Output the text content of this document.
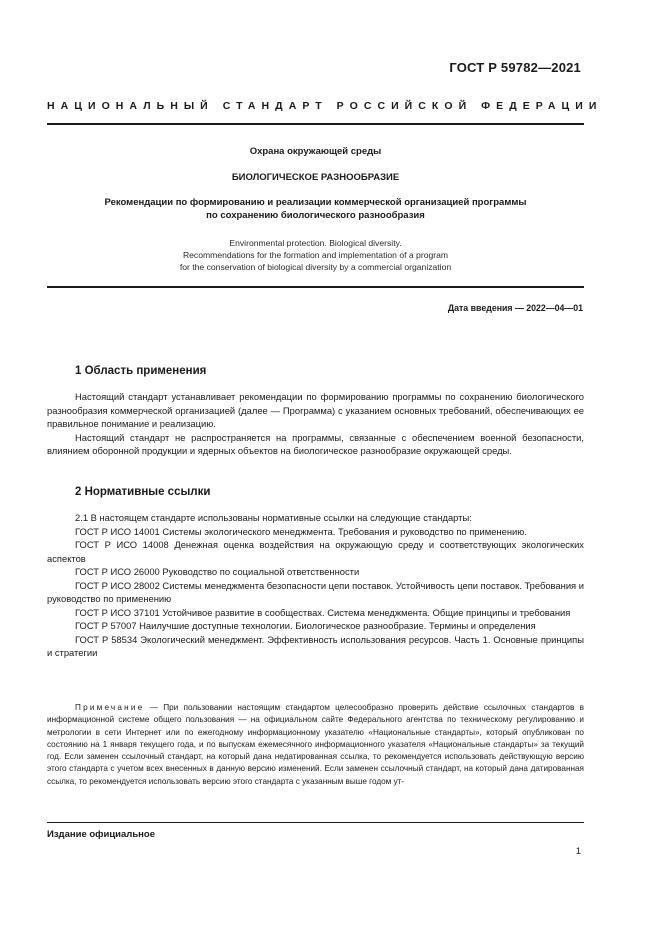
ГОСТ Р 59782—2021
НАЦИОНАЛЬНЫЙ СТАНДАРТ РОССИЙСКОЙ ФЕДЕРАЦИИ
Охрана окружающей среды
БИОЛОГИЧЕСКОЕ РАЗНООБРАЗИЕ
Рекомендации по формированию и реализации коммерческой организацией программы
по сохранению биологического разнообразия
Environmental protection. Biological diversity.
Recommendations for the formation and implementation of a program
for the conservation of biological diversity by a commercial organization
Дата введения — 2022—04—01
1 Область применения

Настоящий стандарт устанавливает рекомендации по формированию программы по сохранению биологического разнообразия коммерческой организацией (далее — Программа) с указанием основных требований, обеспечивающих ее правильное понимание и реализацию.

Настоящий стандарт не распространяется на программы, связанные с обеспечением военной безопасности, влиянием оборонной продукции и ядерных объектов на биологическое разнообразие окружающей среды.

2 Нормативные ссылки

2.1 В настоящем стандарте использованы нормативные ссылки на следующие стандарты:

ГОСТ Р ИСО 14001 Системы экологического менеджмента. Требования и руководство по применению.

ГОСТ Р ИСО 14008 Денежная оценка воздействия на окружающую среду и соответствующих экологических аспектов

ГОСТ Р ИСО 26000 Руководство по социальной ответственности

ГОСТ Р ИСО 28002 Системы менеджмента безопасности цепи поставок. Устойчивость цепи поставок. Требования и руководство по применению

ГОСТ Р ИСО 37101 Устойчивое развитие в сообществах. Система менеджмента. Общие принципы и требования

ГОСТ Р 57007 Наилучшие доступные технологии. Биологическое разнообразие. Термины и определения

ГОСТ Р 58534 Экологический менеджмент. Эффективность использования ресурсов. Часть 1. Основные принципы и стратегии

Примечание — При пользовании настоящим стандартом целесообразно проверить действие ссылочных стандартов в информационной системе общего пользования — на официальном сайте Федерального агентства по техническому регулированию и метрологии в сети Интернет или по ежегодному информационному указателю «Национальные стандарты», который опубликован по состоянию на 1 января текущего года, и по выпускам ежемесячного информационного указателя «Национальные стандарты» за текущий год. Если заменен ссылочный стандарт, на который дана недатированная ссылка, то рекомендуется использовать действующую версию этого стандарта с учетом всех внесенных в данную версию изменений. Если заменен ссылочный стандарт, на который дана датированная ссылка, то рекомендуется использовать версию этого стандарта с указанным выше годом ут-

Издание официальное
1
